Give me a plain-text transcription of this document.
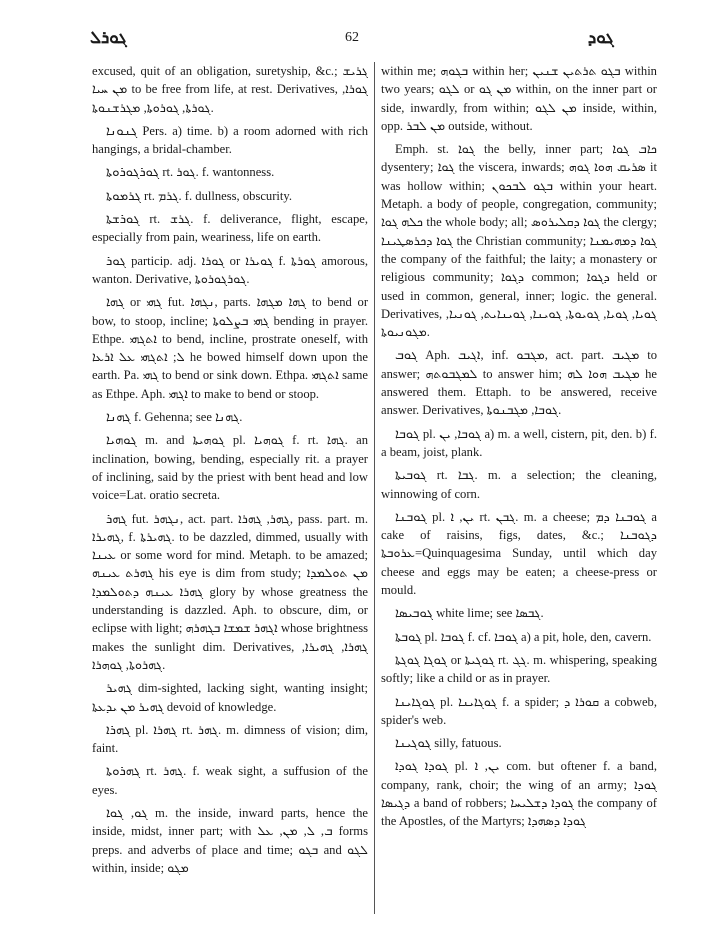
ܓܘܪܠ	62	ܓܘܕ

excused, quit of an obligation, suretyship, &c.; ܓܪܝܫ ܡܢ ܚܝܐ to be free from life, at rest. Derivatives, ܓܘܪܐ, ܓܘܪܬܐ, ܓܘܪܘܬܐ, ܡܓܪܫܢܘܬܐ.

ܓܢܘܢܐ Pers. a) time. b) a room adorned with rich hangings, a bridal-chamber.

ܓܘܪܓܘܪܘܬܐ rt. ܓܘܪ. f. wantonness.

ܓܪܡܘܬܐ rt. ܓܪܡ. f. dullness, obscurity.

ܓܘܪܫܬܐ rt. ܓܪܫ. f. deliverance, flight, escape, especially from pain, weariness, life on earth.

ܓܘܪ particip. adj. ܓܘܪܐ or ܓܘܝܪܐ f. ܓܘܪܬܐ amorous, wanton. Derivative, ܓܘܪܓܘܪܘܬܐ.

ܓܗܐ or ܓܗܝ fut. ܢܓܗܐ, parts. ܓܗܐ ܡܓܗܐ to bend or bow, to stoop, incline; ܓܗܝ ܒܨܠܘܬܐ bending in prayer. Ethpe. ܐܬܓܗܝ to bend, incline, prostrate oneself, with ܠ; ܐܬܓܗܝ ܥܠ ܐܪܥܐ he bowed himself down upon the earth. Pa. ܓܗܝ to bend or sink down. Ethpa. ܐܬܓܗܝ same as Ethpe. Aph. ܐܓܗܝ to make to bend or stoop.

ܓܗܢܐ f. Gehenna; see ܓܗܢܐ.

ܓܘܗܝܐ m. and ܓܘܗܝܬܐ pl. ܓܘܗܝܐ f. rt. ܓܗܐ. an inclination, bowing, bending, especially rit. a prayer of inclining, said by the priest with bent head and low voice=Lat. oratio secreta.

ܓܗܪ fut. ܢܓܗܪ, act. part. ܓܗܪ, ܓܗܪܐ, pass. part. m. ܓܗܝܪܐ, f. ܓܗܝܪܬܐ. to be dazzled, dimmed, usually with ܥܝܢܐ or some word for mind. Metaph. to be amazed; ܓܗܪܬ ܥܝܢܗ his eye is dim from study; ܡܢ ܬܘܠܡܕܐ ܓܗܪܐ ܥܝܢܗ ܕܬܘܠܡܕܐ glory by whose greatness the understanding is dazzled. Aph. to obscure, dim, or eclipse with light; ܐܓܗܪ ܫܡܫܐ ܒܓܗܪܗ whose brightness makes the sunlight dim. Derivatives, ܓܗܪܐ, ܓܗܝܪܐ, ܓܗܪܘܬܐ, ܓܘܗܪܐ.

ܓܗܝܪ dim-sighted, lacking sight, wanting insight; ܓܗܝܪ ܡܢ ܝܕܥܬܐ devoid of knowledge.

ܓܗܪܐ pl. ܓܗܪܐ rt. ܓܗܪ. m. dimness of vision; dim, faint.

ܓܗܪܘܬܐ rt. ܓܗܪ. f. weak sight, a suffusion of the eyes.

ܓܘ, ܓܘܐ m. the inside, inward parts, hence the inside, midst, inner part; with ܒ, ܠ, ܡܢ, ܥܠ forms preps. and adverbs of place and time; ܒܓܘ and ܠܓܘ within, inside; ܡܓܘ

within me; ܒܓܘܗ within her; ܒܓܘ ܬܪܬܝܢ ܫܢܝܢ within two years; ܠܓܘ or ܡܢ ܓܘ within, on the inner part or side, inwardly, from within; ܡܢ ܠܓܘ inside, within, opp. ܡܢ ܠܒܪ outside, without.

Emph. st. ܓܘܐ the belly, inner part; ܟܐܒ ܓܘܐ dysentery; ܓܘܐ the viscera, inwards; ܣܪܝܩ ܗܘܐ ܓܘܗ it was hollow within; ܒܓܘ ܠܒܟܘܢ within your heart. Metaph. a body of people, congregation, community; ܟܠܗ ܓܘܐ the whole body; all; ܓܘܐ ܕܩܠܝܪܘܣ the clergy; ܓܘܐ ܕܟܪܣܛܝܢܐ the Christian community; ܓܘܐ ܕܡܗܝܡܢܐ the company of the faithful; the laity; a monastery or religious community; ܕܓܘܐ common; ܕܓܘܐ held or used in common, general, inner; logic. the general. Derivatives, ܓܘܝܐ, ܓܘܝܐ, ܓܘܝܘܬܐ, ܓܘܝܢܐ, ܓܘܝܢܐܝܬ, ܓܘܢܝܐ, ܡܓܘܢܝܘܬܐ.

ܓܘܒ Aph. ܐܓܝܒ, inf. ܡܓܒܘ, act. part. ܡܓܝܒ to answer; ܠܡܓܒܘܬܗ to answer him; ܡܓܝܒ ܗܘܐ ܠܗ he answered them. Ettaph. to be answered, receive answer. Derivatives, ܓܘܒܐ, ܡܓܒܢܘܬܐ.

ܓܘܒܐ pl. ܓܘܒܐ, ܝܢ a) m. a well, cistern, pit, den. b) f. a beam, joist, plank.

ܓܘܒܝܬܐ rt. ܓܒܐ. m. a selection; the cleaning, winnowing of corn.

ܓܘܒܢܐ pl. ܝܢ, ܐ rt. ܓܒܢ. m. a cheese; ܓܘܒܢܐ ܕܡ a cake of raisins, figs, dates, &c.; ܕܓܘܒܢܐ ܥܪܘܒܬܐ=Quinquagesima Sunday, until which day cheese and eggs may be eaten; a cheese-press or mould.

ܓܘܒܝܣܐ white lime; see ܓܒܣܐ.

ܓܘܒܬܐ pl. ܓܘܒܐ f. cf. ܓܘܒܐ a) a pit, hole, den, cavern.

ܓܘܓܐ ܓܘܓܬܐ or ܓܘܓܝܬܐ rt. ܓܓ. m. whispering, speaking softly; like a child or as in prayer.

ܓܘܓܐܝܢܐ pl. ܓܘܓܐܝܢܐ f. a spider; ܩܘܪܐ ܕ a cobweb, spider's web.

ܓܘܓܝܢܐ silly, fatuous.

ܓܘܕܐ ܓܘܕܐ pl. ܝܢ, ܐ com. but oftener f. a band, company, rank, choir; the wing of an army; ܓܘܕܐ ܕܓܝܣܐ a band of robbers; ܓܘܕܐ ܕܫܠܝܚܐ the company of the Apostles, of the Martyrs; ܓܘܕܐ ܕܣܗܕܐ
